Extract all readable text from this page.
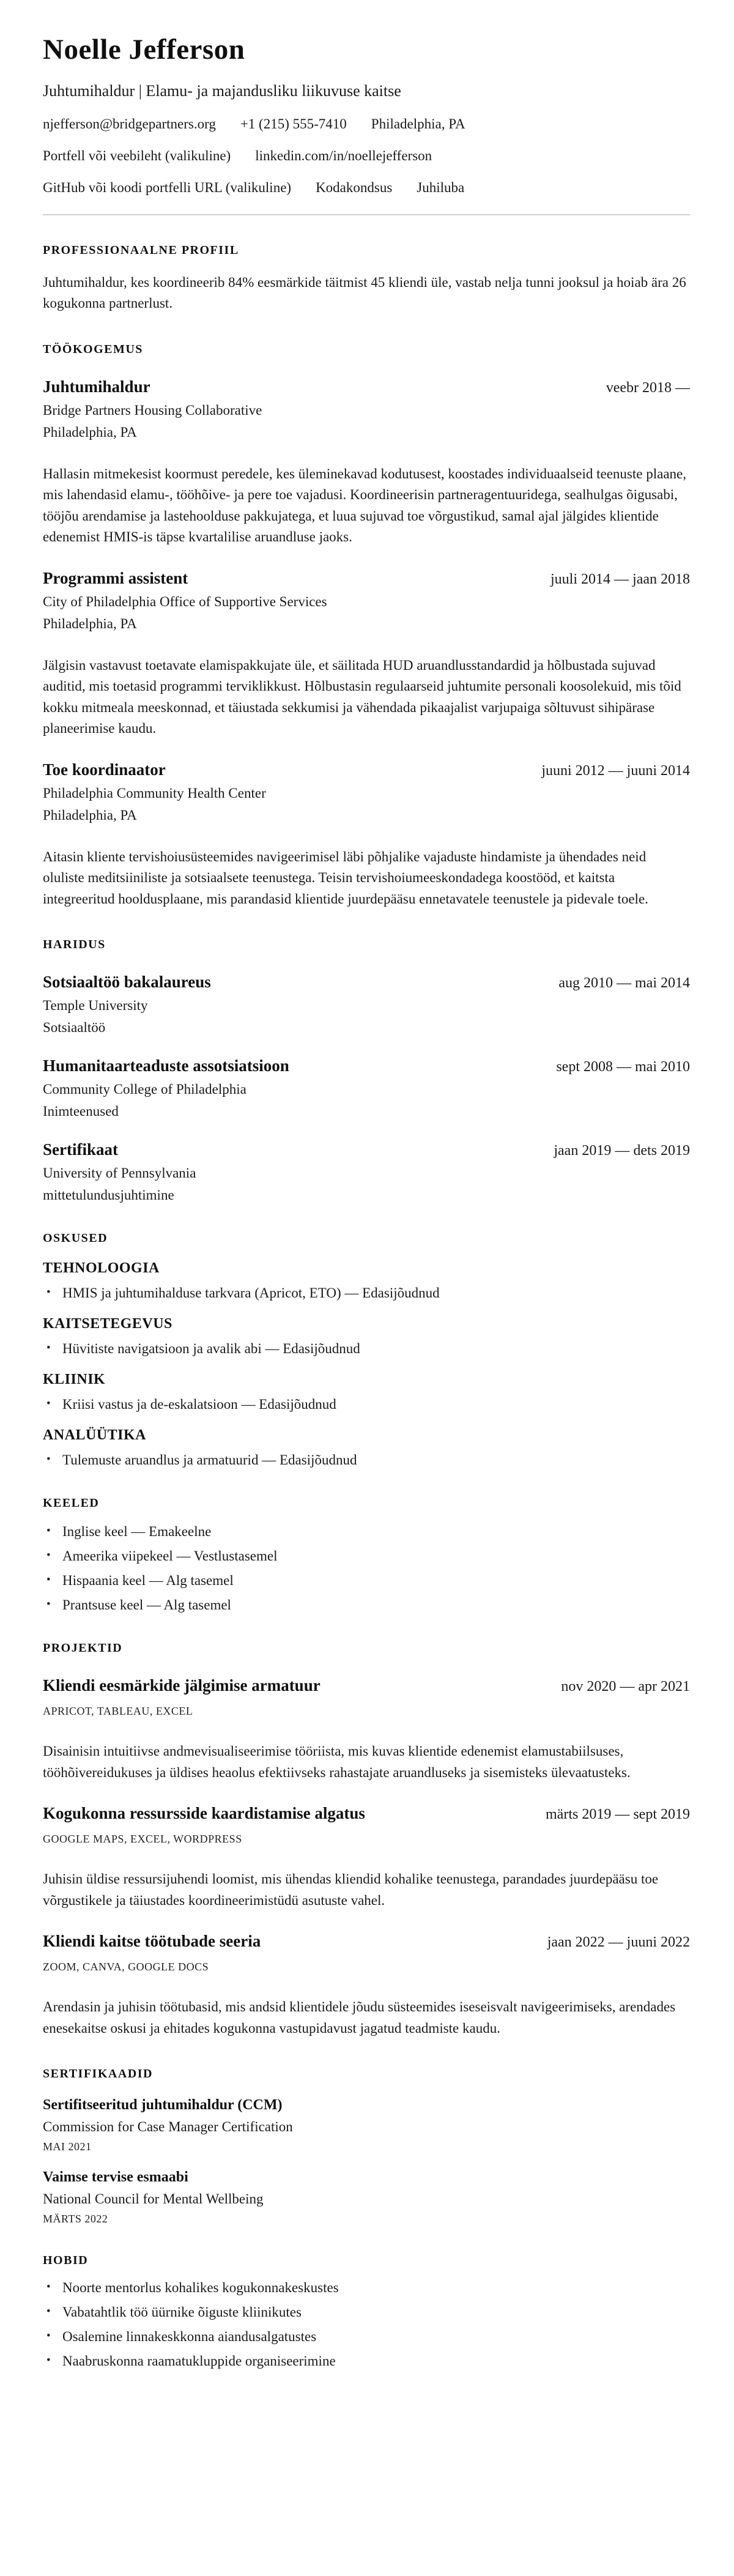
Noelle Jefferson
Juhtumihaldur | Elamu- ja majandusliku liikuvuse kaitse
njefferson@bridgepartners.org +1 (215) 555-7410 Philadelphia, PA
Portfell või veebileht (valikuline) linkedin.com/in/noellejefferson
GitHub või koodi portfelli URL (valikuline) Kodakondsus Juhiluba
PROFESSIONAALNE PROFIIL
Juhtumihaldur, kes koordineerib 84% eesmärkide täitmist 45 kliendi üle, vastab nelja tunni jooksul ja hoiab ära 26 kogukonna partnerlust.
TÖÖKOGEMUS
Juhtumihaldur	veebr 2018 —
Bridge Partners Housing Collaborative
Philadelphia, PA
Hallasin mitmekesist koormust peredele, kes üleminekavad kodutusest, koostades individuaalseid teenuste plaane, mis lahendasid elamu-, tööhõive- ja pere toe vajadusi. Koordineerisin partneragentuuridega, sealhulgas õigusabi, tööjõu arendamise ja lastehoolduse pakkujatega, et luua sujuvad toe võrgustikud, samal ajal jälgides klientide edenemist HMIS-is täpse kvartalilise aruandluse jaoks.
Programmi assistent	juuli 2014 — jaan 2018
City of Philadelphia Office of Supportive Services
Philadelphia, PA
Jälgisin vastavust toetavate elamispakkujate üle, et säilitada HUD aruandlusstandardid ja hõlbustada sujuvad auditid, mis toetasid programmi terviklikkust. Hõlbustasin regulaarseid juhtumite personali koosolekuid, mis tõid kokku mitmeala meeskonnad, et täiustada sekkumisi ja vähendada pikaajalist varjupaiga sõltuvust sihipärase planeerimise kaudu.
Toe koordinaator	juuni 2012 — juuni 2014
Philadelphia Community Health Center
Philadelphia, PA
Aitasin kliente tervishoiusüsteemides navigeerimisel läbi põhjalike vajaduste hindamiste ja ühendades neid oluliste meditsiiniliste ja sotsiaalsete teenustega. Teisin tervishoiumeeskondadega koostööd, et kaitsta integreeritud hooldusplaane, mis parandasid klientide juurdepääsu ennetavatele teenustele ja pidevale toele.
HARIDUS
Sotsiaaltöö bakalaureus	aug 2010 — mai 2014
Temple University
Sotsiaaltöö
Humanitaarteaduste assotsiatsioon	sept 2008 — mai 2010
Community College of Philadelphia
Inimteenused
Sertifikaat	jaan 2019 — dets 2019
University of Pennsylvania
mittetulundusjuhtimine
OSKUSED
TEHNOLOOGIA
• HMIS ja juhtumihalduse tarkvara (Apricot, ETO) — Edasijõudnud
KAITSETEGEVUS
• Hüvitiste navigatsioon ja avalik abi — Edasijõudnud
KLIINIK
• Kriisi vastus ja de-eskalatsioon — Edasijõudnud
ANALÜÜTIKA
• Tulemuste aruandlus ja armatuurid — Edasijõudnud
KEELED
• Inglise keel — Emakeelne
• Ameerika viipekeel — Vestlustasemel
• Hispaania keel — Alg tasemel
• Prantsuse keel — Alg tasemel
PROJEKTID
Kliendi eesmärkide jälgimise armatuur	nov 2020 — apr 2021
APRICOT, TABLEAU, EXCEL
Disainisin intuitiivse andmevisualiseerimise tööriista, mis kuvas klientide edenemist elamustabiilsuses, tööhõivereidukuses ja üldises heaolus efektiivseks rahastajate aruandluseks ja sisemisteks ülevaatusteks.
Kogukonna ressursside kaardistamise algatus	märts 2019 — sept 2019
GOOGLE MAPS, EXCEL, WORDPRESS
Juhisin üldise ressursijuhendi loomist, mis ühendas kliendid kohalike teenustega, parandades juurdepääsu toe võrgustikele ja täiustades koordineerimistüdü asutuste vahel.
Kliendi kaitse töötubade seeria	jaan 2022 — juuni 2022
ZOOM, CANVA, GOOGLE DOCS
Arendasin ja juhisin töötubasid, mis andsid klientidele jõudu süsteemides iseseisvalt navigeerimiseks, arendades enesekaitse oskusi ja ehitades kogukonna vastupidavust jagatud teadmiste kaudu.
SERTIFIKAADID
Sertifitseeritud juhtumihaldur (CCM)
Commission for Case Manager Certification
MAI 2021
Vaimse tervise esmaabi
National Council for Mental Wellbeing
MÄRTS 2022
HOBID
• Noorte mentorlus kohalikes kogukonnakeskustes
• Vabatahtlik töö üürnike õiguste kliinikutes
• Osalemine linnakeskkonna aiandusalgatustes
• Naabruskonna raamatukluppide organiseerimine
